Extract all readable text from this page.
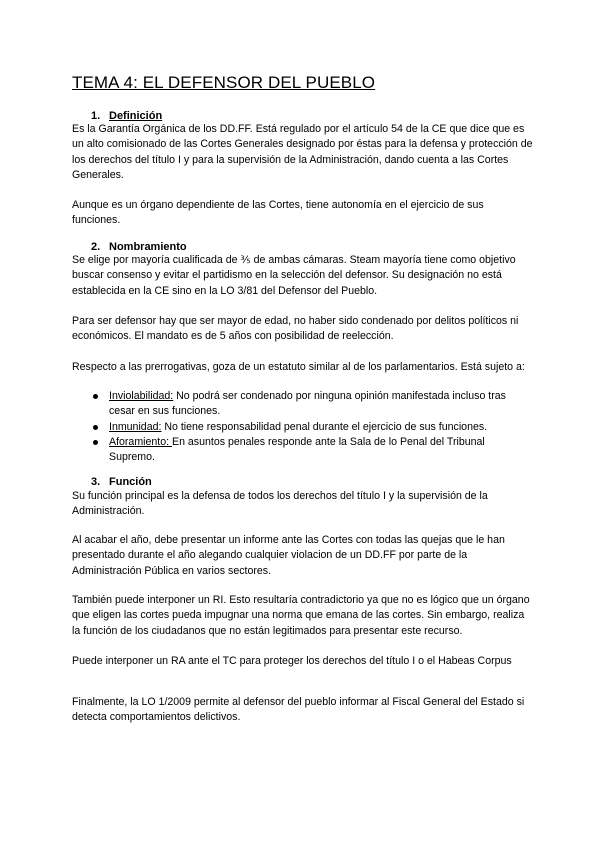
TEMA 4: EL DEFENSOR DEL PUEBLO
1. Definición

Es la Garantía Orgánica de los DD.FF. Está regulado por el artículo 54 de la CE que dice que es un alto comisionado de las Cortes Generales designado por éstas para la defensa y protección de los derechos del título I y para la supervisión de la Administración, dando cuenta a las Cortes Generales.

Aunque es un órgano dependiente de las Cortes, tiene autonomía en el ejercicio de sus funciones.

2. Nombramiento

Se elige por mayoría cualificada de ⅗ de ambas cámaras. Steam mayoría tiene como objetivo buscar consenso y evitar el partidismo en la selección del defensor. Su designación no está establecida en la CE sino en la LO 3/81 del Defensor del Pueblo.

Para ser defensor hay que ser mayor de edad, no haber sido condenado por delitos políticos ni económicos. El mandato es de 5 años con posibilidad de reelección.

Respecto a las prerrogativas, goza de un estatuto similar al de los parlamentarios. Está sujeto a:

Inviolabilidad: No podrá ser condenado por ninguna opinión manifestada incluso tras cesar en sus funciones.
Inmunidad: No tiene responsabilidad penal durante el ejercicio de sus funciones.
Aforamiento: En asuntos penales responde ante la Sala de lo Penal del Tribunal Supremo.
3. Función

Su función principal es la defensa de todos los derechos del título I y la supervisión de la Administración.

Al acabar el año, debe presentar un informe ante las Cortes con todas las quejas que le han presentado durante el año alegando cualquier violacion de un DD.FF por parte de la Administración Pública en varios sectores.

También puede interponer un RI. Esto resultaría contradictorio ya que no es lógico que un órgano que eligen las cortes pueda impugnar una norma que emana de las cortes. Sin embargo, realiza la función de los ciudadanos que no están legitimados para presentar este recurso.

Puede interponer un RA ante el TC para proteger los derechos del título I o el Habeas Corpus

Finalmente, la LO 1/2009 permite al defensor del pueblo informar al Fiscal General del Estado si detecta comportamientos delictivos.
